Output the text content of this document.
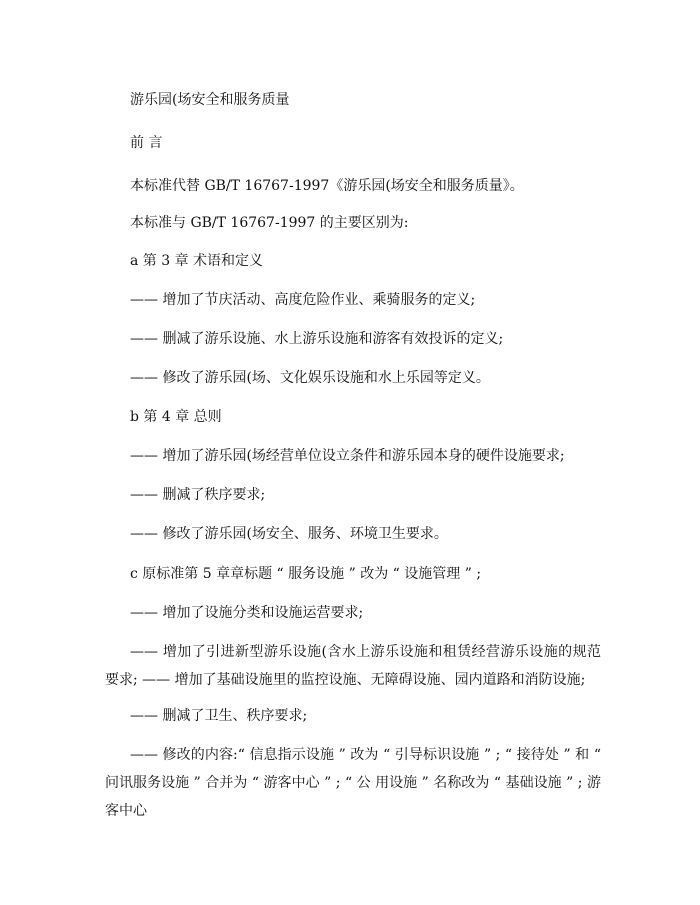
游乐园(场安全和服务质量
前 言
本标准代替 GB/T 16767-1997《游乐园(场安全和服务质量》。
本标准与 GB/T 16767-1997 的主要区别为:
a 第 3 章 术语和定义
—— 增加了节庆活动、高度危险作业、乘骑服务的定义;
—— 删减了游乐设施、水上游乐设施和游客有效投诉的定义;
—— 修改了游乐园(场、文化娱乐设施和水上乐园等定义。
b 第 4 章 总则
—— 增加了游乐园(场经营单位设立条件和游乐园本身的硬件设施要求;
—— 删减了秩序要求;
—— 修改了游乐园(场安全、服务、环境卫生要求。
c 原标准第 5 章章标题 “ 服务设施 ” 改为 “ 设施管理 ” ;
—— 增加了设施分类和设施运营要求;
—— 增加了引进新型游乐设施(含水上游乐设施和租赁经营游乐设施的规范要求; —— 增加了基础设施里的监控设施、无障碍设施、园内道路和消防设施;
—— 删减了卫生、秩序要求;
—— 修改的内容:“ 信息指示设施 ” 改为 “ 引导标识设施 ” ; “ 接待处 ” 和 “ 问讯服务设施 ” 合并为 “ 游客中心 ” ; “ 公 用设施 ” 名称改为 “ 基础设施 ” ; 游客中心
